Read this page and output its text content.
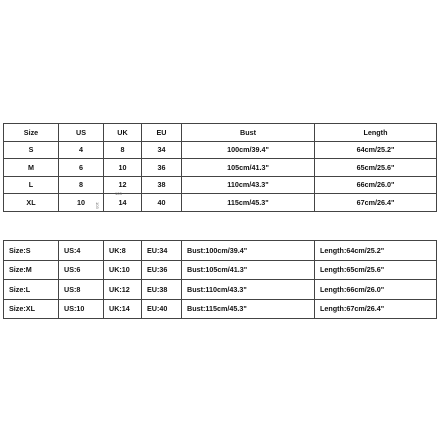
Size	US	UK	EU	Bust	Length
S	4	8	34	100cm/39.4"	64cm/25.2"
M	6	10	36	105cm/41.3"	65cm/25.6"
L	8	12	38	110cm/43.3"	66cm/26.0"
XL	10	14	40	115cm/45.3"	67cm/26.4"
103
103
Size:S	US:4	UK:8	EU:34	Bust:100cm/39.4"	Length:64cm/25.2"
Size:M	US:6	UK:10	EU:36	Bust:105cm/41.3"	Length:65cm/25.6"
Size:L	US:8	UK:12	EU:38	Bust:110cm/43.3"	Length:66cm/26.0"
Size:XL	US:10	UK:14	EU:40	Bust:115cm/45.3"	Length:67cm/26.4"
